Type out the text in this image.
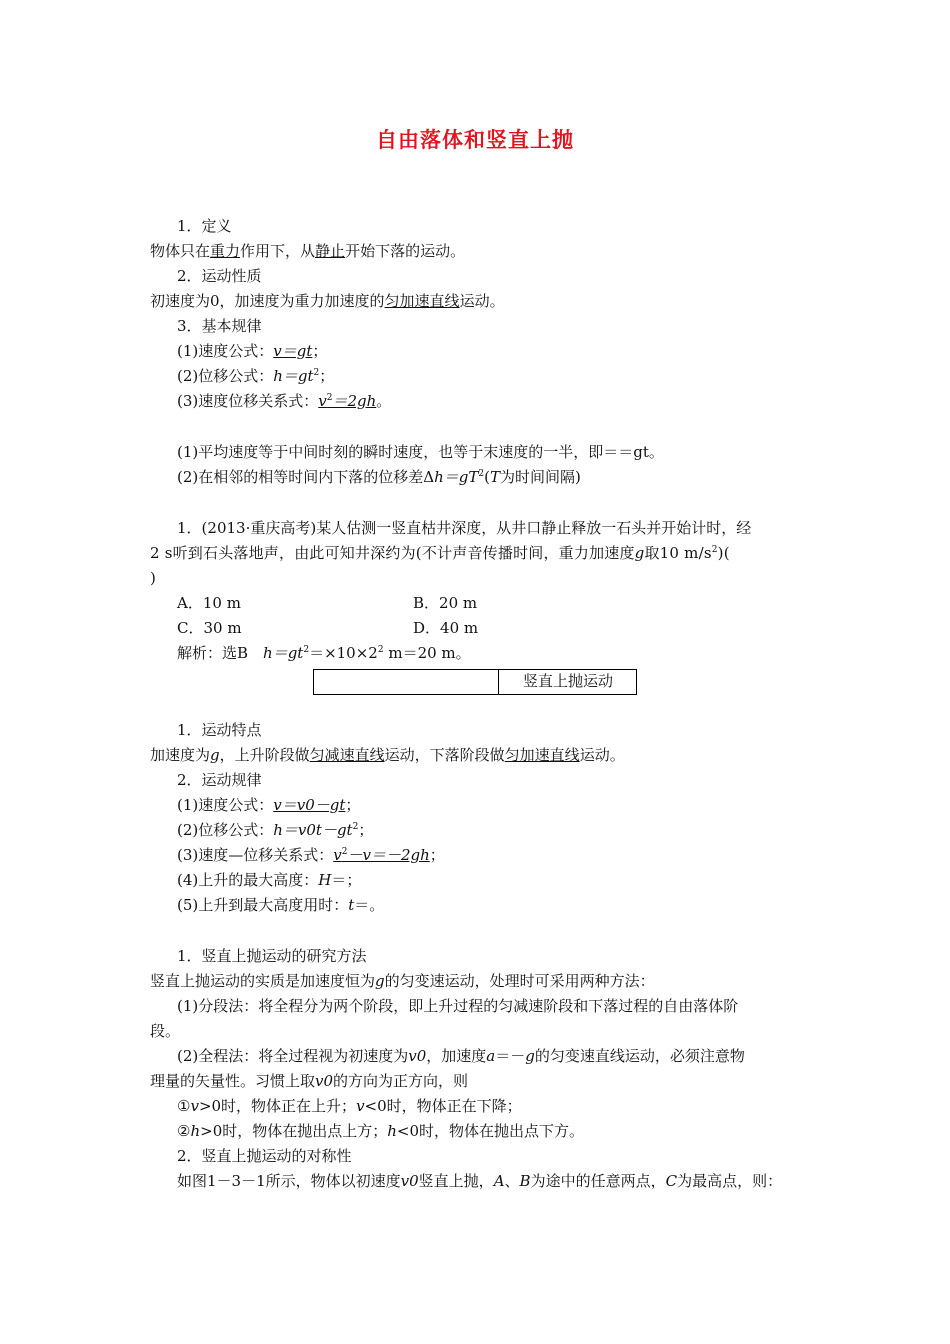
自由落体和竖直上抛
1．定义
物体只在重力作用下，从静止开始下落的运动。
2．运动性质
初速度为0，加速度为重力加速度的匀加速直线运动。
3．基本规律
(1)速度公式：v＝gt；
(2)位移公式：$h=gt^2$；
(3)速度位移关系式：$v^2=2gh$。
(1)平均速度等于中间时刻的瞬时速度，也等于末速度的一半，即＝＝gt。
(2)在相邻的相等时间内下落的位移差$\Delta h=gT^2(T$为时间间隔)
1．(2013·重庆高考)某人估测一竖直枯井深度，从井口静止释放一石头并开始计时，经
2 s听到石头落地声，由此可知井深约为(不计声音传播时间，重力加速度g取10 $m/s^2$)(
)
A．10 m	B．20 m
C．30 m	D．40 m
解析：选B　$h=gt^2=\times 10\times 2^2$ m＝20 m。
竖直上抛运动
1．运动特点
加速度为g，上升阶段做匀减速直线运动，下落阶段做匀加速直线运动。
2．运动规律
(1)速度公式：v＝v0－gt；
(2)位移公式：$h=v0t-gt^2$；
(3)速度—位移关系式：$v^2-v=-2gh$；
(4)上升的最大高度：H＝；
(5)上升到最大高度用时：t＝。
1．竖直上抛运动的研究方法
竖直上抛运动的实质是加速度恒为g的匀变速运动，处理时可采用两种方法：
(1)分段法：将全程分为两个阶段，即上升过程的匀减速阶段和下落过程的自由落体阶
段。
(2)全程法：将全过程视为初速度为v0，加速度a＝－g的匀变速直线运动，必须注意物
理量的矢量性。习惯上取v0的方向为正方向，则
①v>0时，物体正在上升；v<0时，物体正在下降；
②h>0时，物体在抛出点上方；h<0时，物体在抛出点下方。
2．竖直上抛运动的对称性
如图1－3－1所示，物体以初速度v0竖直上抛，A、B为途中的任意两点，C为最高点，则：
